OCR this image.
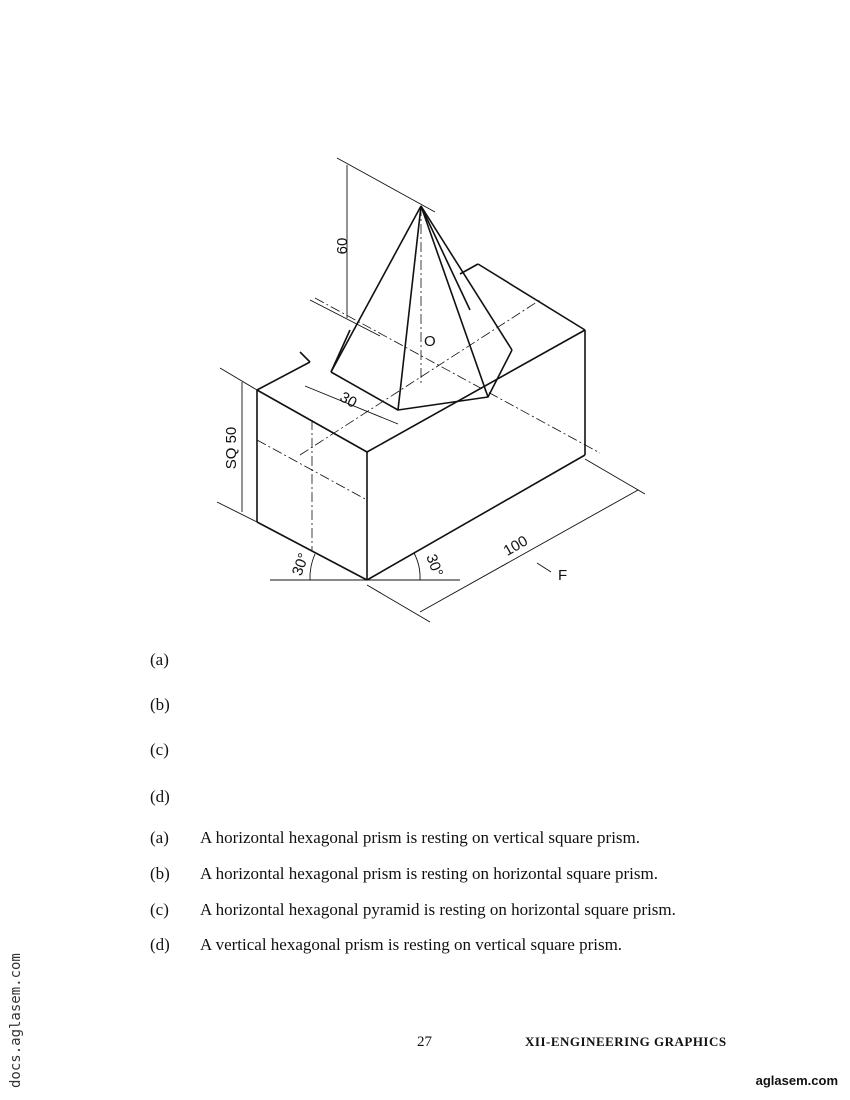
60
SQ 50
30
100
O
F
30°	30°
(a)
(b)
(c)
(d)
(a) A horizontal hexagonal prism is resting on vertical square prism.
(b) A horizontal hexagonal prism is resting on horizontal square prism.
(c) A horizontal hexagonal pyramid is resting on horizontal square prism.
(d) A vertical hexagonal prism is resting on vertical square prism.
27	XII-ENGINEERING GRAPHICS
docs.aglasem.com	aglasem.com
